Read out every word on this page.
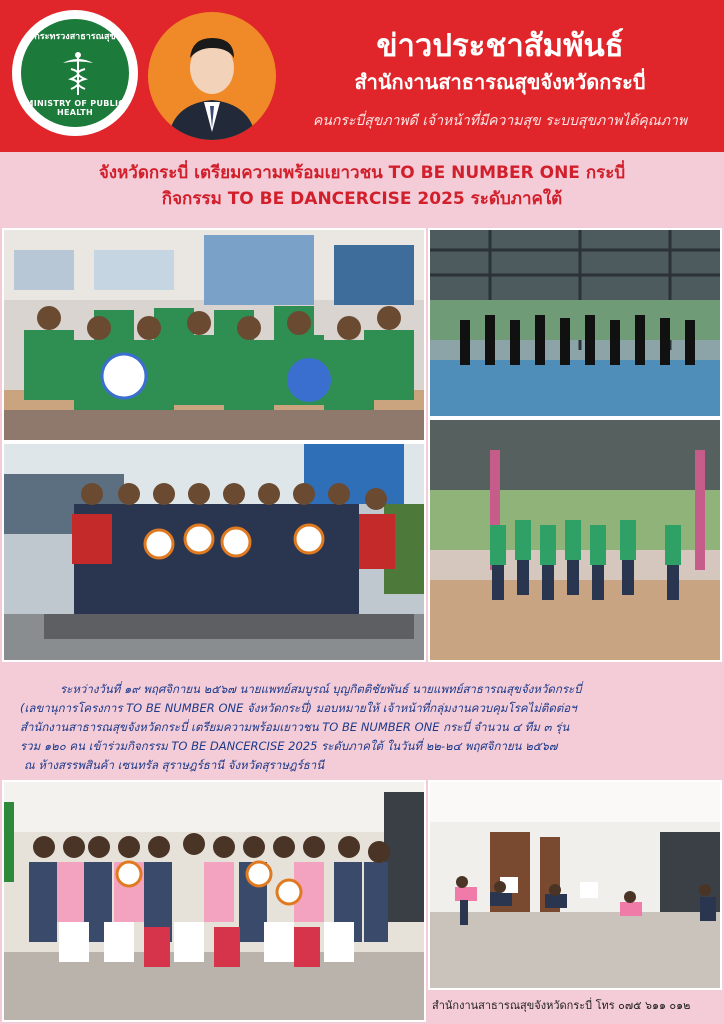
กระทรวงสาธารณสุข
MINISTRY OF PUBLIC HEALTH
ข่าวประชาสัมพันธ์
สำนักงานสาธารณสุขจังหวัดกระบี่
คนกระบี่สุขภาพดี เจ้าหน้าที่มีความสุข ระบบสุขภาพได้คุณภาพ
จังหวัดกระบี่ เตรียมความพร้อมเยาวชน TO BE NUMBER ONE กระบี่
กิจกรรม TO BE DANCERCISE 2025 ระดับภาคใต้

ระหว่างวันที่ ๑๙ พฤศจิกายน ๒๕๖๗ นายแพทย์สมบูรณ์ บุญกิตติชัยพันธ์ นายแพทย์สาธารณสุขจังหวัดกระบี่

(เลขานุการโครงการ TO BE NUMBER ONE จังหวัดกระบี่) มอบหมายให้ เจ้าหน้าที่กลุ่มงานควบคุมโรคไม่ติดต่อฯ

สำนักงานสาธารณสุขจังหวัดกระบี่ เตรียมความพร้อมเยาวชน TO BE NUMBER ONE กระบี่ จำนวน ๔ ทีม ๓ รุ่น

รวม ๑๒๐ คน เข้าร่วมกิจกรรม TO BE DANCERCISE 2025 ระดับภาคใต้ ในวันที่ ๒๒-๒๔ พฤศจิกายน ๒๕๖๗

ณ ห้างสรรพสินค้า เซนทรัล สุราษฎร์ธานี จังหวัดสุราษฎร์ธานี

สำนักงานสาธารณสุขจังหวัดกระบี่ โทร ๐๗๕ ๖๑๑ ๐๑๒
